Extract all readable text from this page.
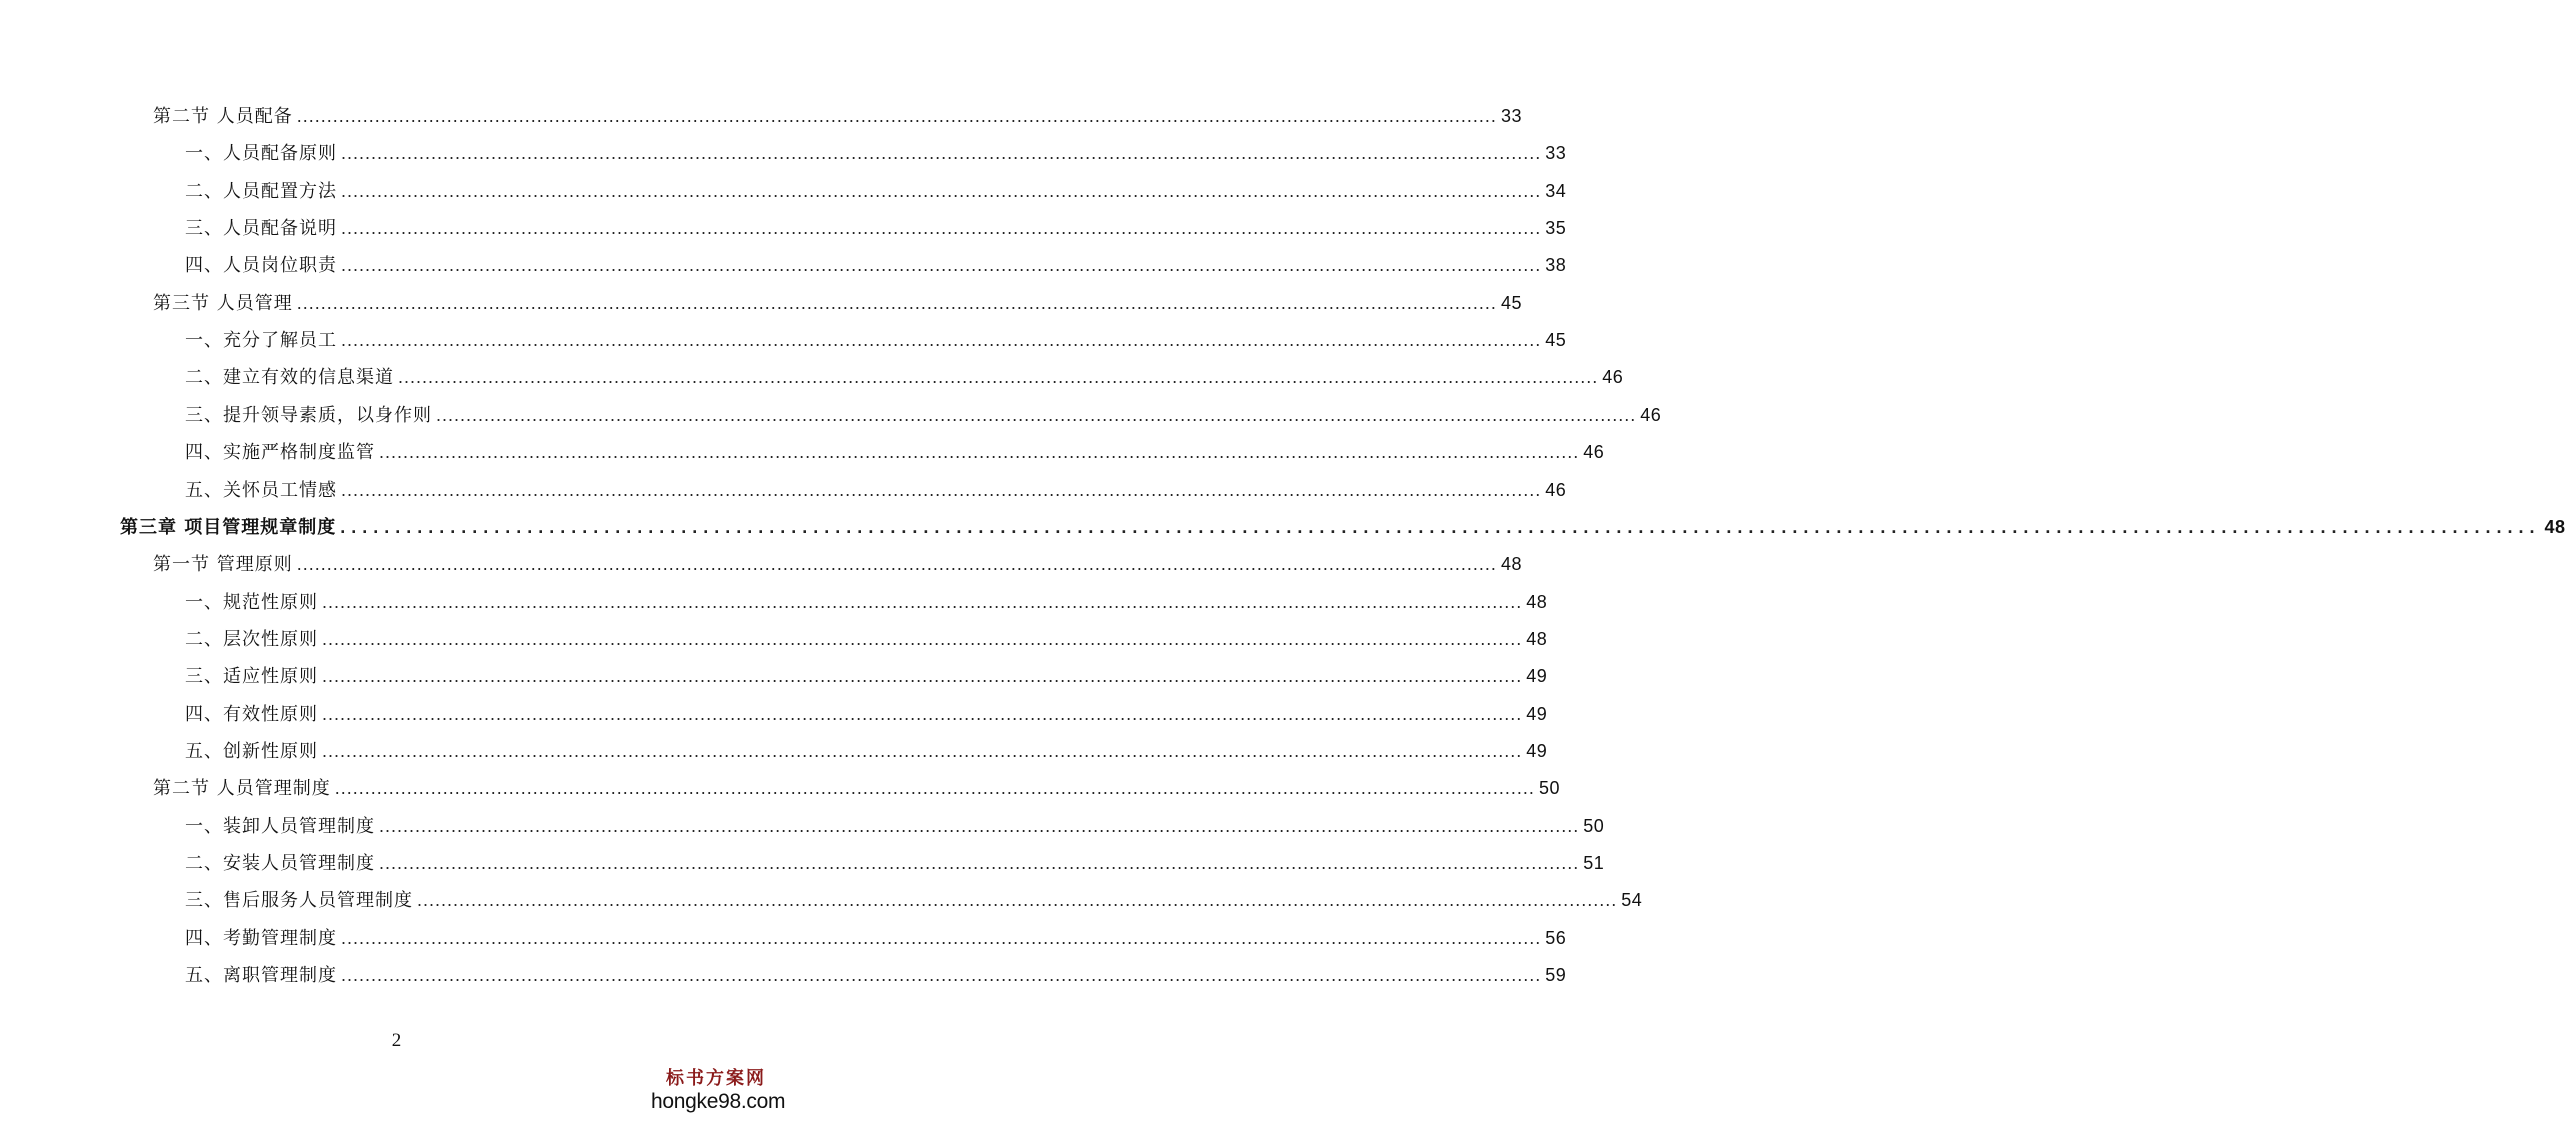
第二节 人员配备 ........................................................................................................................................................................................................ 33
一、人员配备原则 ........................................................................................................................................................................................................ 33
二、人员配置方法 ........................................................................................................................................................................................................ 34
三、人员配备说明 ........................................................................................................................................................................................................ 35
四、人员岗位职责 ........................................................................................................................................................................................................ 38
第三节 人员管理 ........................................................................................................................................................................................................ 45
一、充分了解员工 ........................................................................................................................................................................................................ 45
二、建立有效的信息渠道 ........................................................................................................................................................................................................ 46
三、提升领导素质，以身作则 ........................................................................................................................................................................................................ 46
四、实施严格制度监管 ........................................................................................................................................................................................................ 46
五、关怀员工情感 ........................................................................................................................................................................................................ 46
第三章 项目管理规章制度 ........................................................................................................................................................................................................ 48
第一节 管理原则 ........................................................................................................................................................................................................ 48
一、规范性原则 ........................................................................................................................................................................................................ 48
二、层次性原则 ........................................................................................................................................................................................................ 48
三、适应性原则 ........................................................................................................................................................................................................ 49
四、有效性原则 ........................................................................................................................................................................................................ 49
五、创新性原则 ........................................................................................................................................................................................................ 49
第二节 人员管理制度 ........................................................................................................................................................................................................ 50
一、装卸人员管理制度 ........................................................................................................................................................................................................ 50
二、安装人员管理制度 ........................................................................................................................................................................................................ 51
三、售后服务人员管理制度 ........................................................................................................................................................................................................ 54
四、考勤管理制度 ........................................................................................................................................................................................................ 56
五、离职管理制度 ........................................................................................................................................................................................................ 59
2
标书方案网
hongke98.com
